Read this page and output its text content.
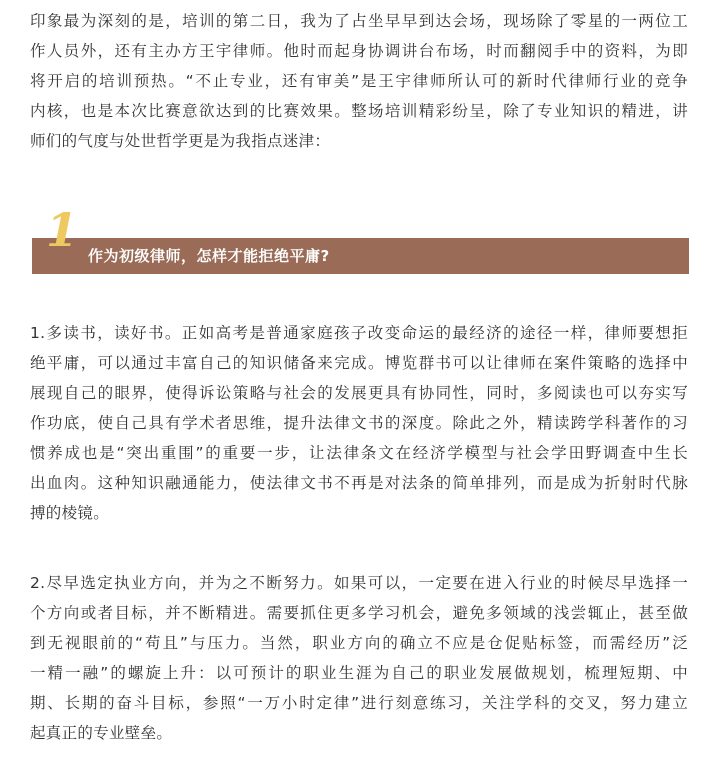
印象最为深刻的是，培训的第二日，我为了占坐早早到达会场，现场除了零星的一两位工
作人员外，还有主办方王宇律师。他时而起身协调讲台布场，时而翻阅手中的资料，为即
将开启的培训预热。“不止专业，还有审美”是王宇律师所认可的新时代律师行业的竞争
内核，也是本次比赛意欲达到的比赛效果。整场培训精彩纷呈，除了专业知识的精进，讲
师们的气度与处世哲学更是为我指点迷津：
1 作为初级律师，怎样才能拒绝平庸?
1.多读书，读好书。正如高考是普通家庭孩子改变命运的最经济的途径一样，律师要想拒
绝平庸，可以通过丰富自己的知识储备来完成。博览群书可以让律师在案件策略的选择中
展现自己的眼界，使得诉讼策略与社会的发展更具有协同性，同时，多阅读也可以夯实写
作功底，使自己具有学术者思维，提升法律文书的深度。除此之外，精读跨学科著作的习
惯养成也是“突出重围”的重要一步，让法律条文在经济学模型与社会学田野调查中生长
出血肉。这种知识融通能力，使法律文书不再是对法条的简单排列，而是成为折射时代脉
搏的棱镜。
2.尽早选定执业方向，并为之不断努力。如果可以，一定要在进入行业的时候尽早选择一
个方向或者目标，并不断精进。需要抓住更多学习机会，避免多领域的浅尝辄止，甚至做
到无视眼前的“苟且”与压力。当然，职业方向的确立不应是仓促贴标签，而需经历”泛
一精一融”的螺旋上升：以可预计的职业生涯为自己的职业发展做规划，梳理短期、中
期、长期的奋斗目标，参照“一万小时定律”进行刻意练习，关注学科的交叉，努力建立
起真正的专业壁垒。
